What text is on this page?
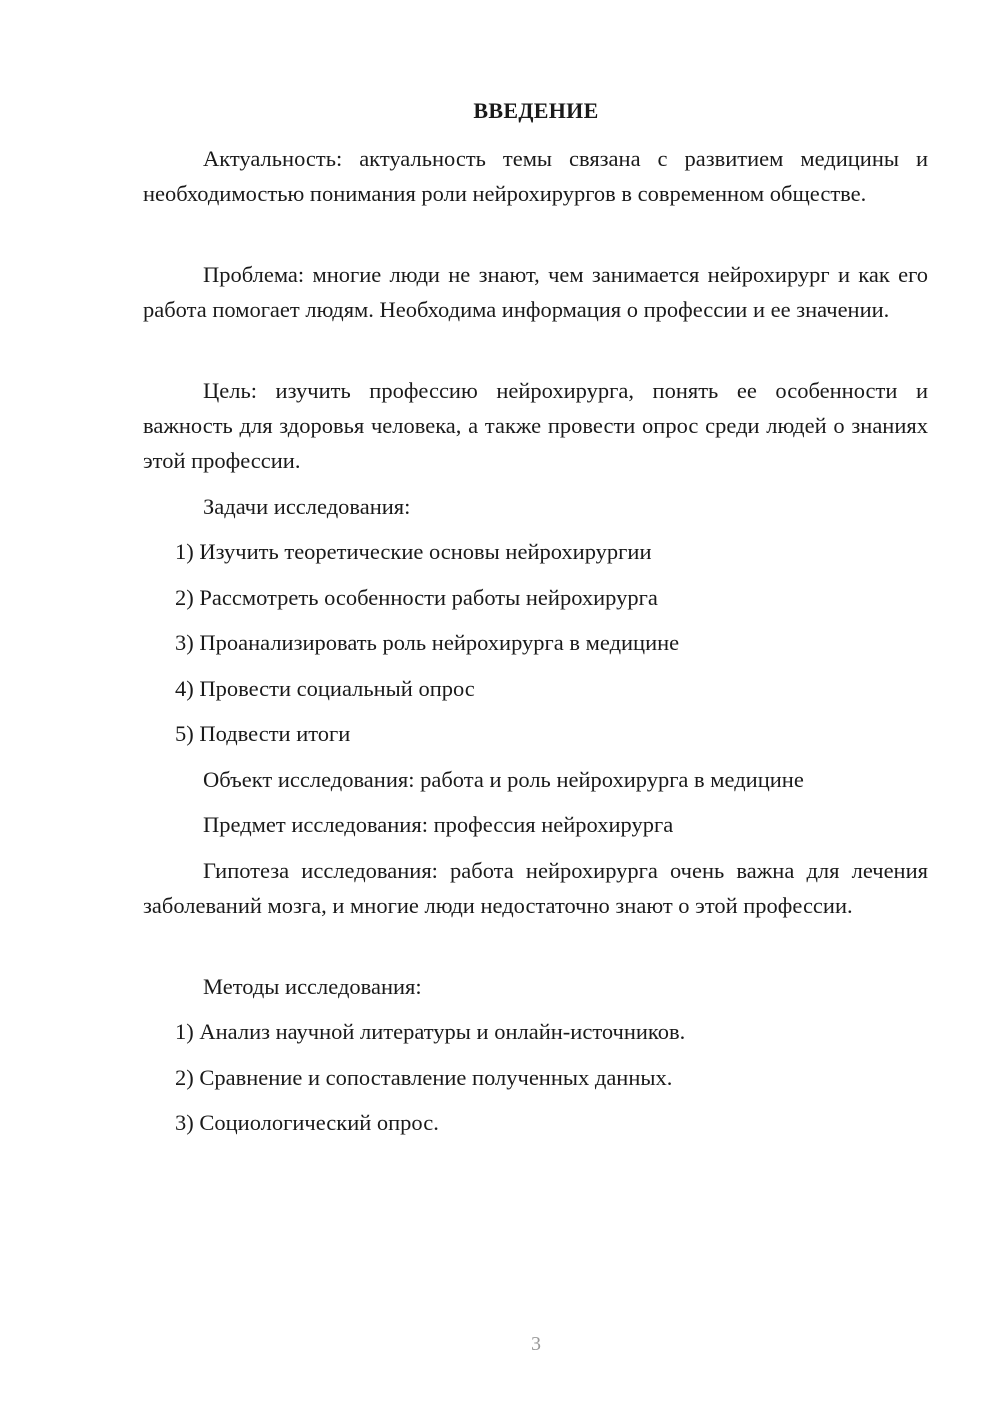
ВВЕДЕНИЕ

Актуальность: актуальность темы связана с развитием медицины и необходимостью понимания роли нейрохирургов в современном обществе.

Проблема: многие люди не знают, чем занимается нейрохирург и как его работа помогает людям. Необходима информация о профессии и ее значении.

Цель: изучить профессию нейрохирурга, понять ее особенности и важность для здоровья человека, а также провести опрос среди людей о знаниях этой профессии.

Задачи исследования:

1) Изучить теоретические основы нейрохирургии

2) Рассмотреть особенности работы нейрохирурга

3) Проанализировать роль нейрохирурга в медицине

4) Провести социальный опрос

5) Подвести итоги

Объект исследования: работа и роль нейрохирурга в медицине

Предмет исследования: профессия нейрохирурга

Гипотеза исследования: работа нейрохирурга очень важна для лечения заболеваний мозга, и многие люди недостаточно знают о этой профессии.

Методы исследования:

1) Анализ научной литературы и онлайн-источников.

2) Сравнение и сопоставление полученных данных.

3) Социологический опрос.

3
